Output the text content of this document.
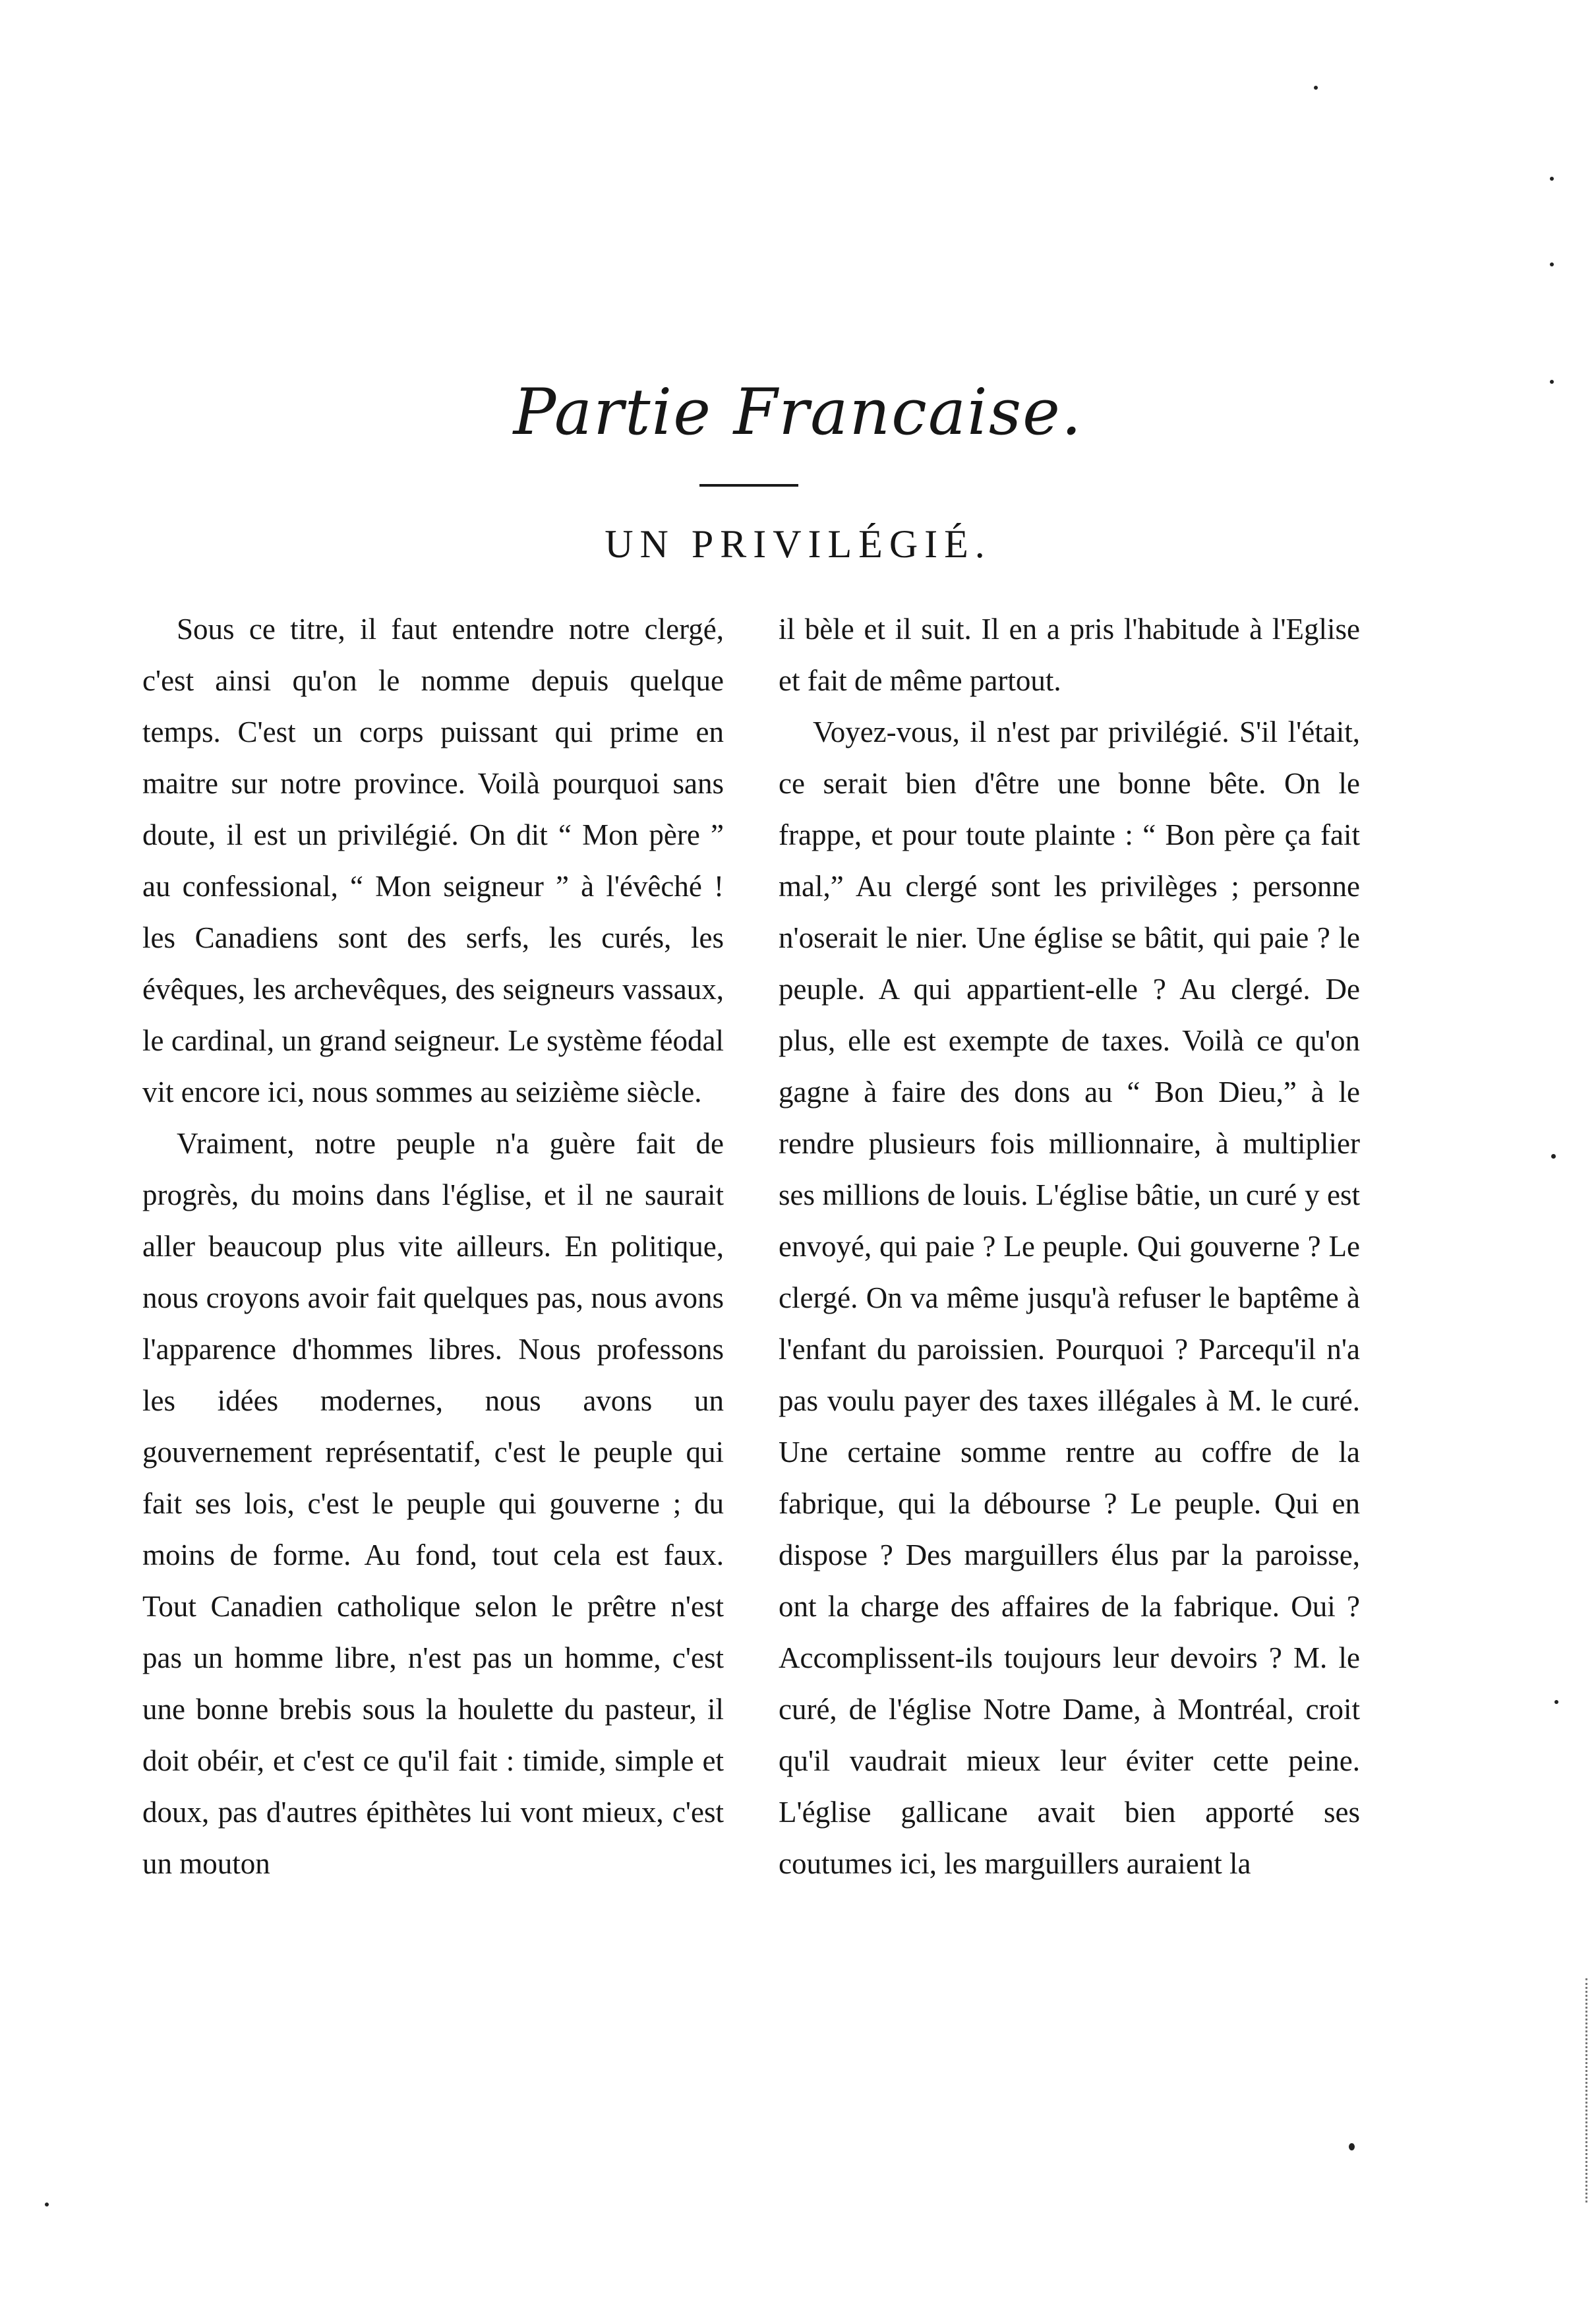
Partie Francaise.
UN PRIVILÉGIÉ.

Sous ce titre, il faut entendre notre clergé, c'est ainsi qu'on le nomme depuis quelque temps. C'est un corps puissant qui prime en maitre sur notre province. Voilà pourquoi sans doute, il est un privilégié. On dit “ Mon père ” au confessional, “ Mon seigneur ” à l'évêché ! les Canadiens sont des serfs, les curés, les évêques, les archevêques, des seigneurs vassaux, le cardinal, un grand seigneur. Le système féodal vit encore ici, nous sommes au seizième siècle.

Vraiment, notre peuple n'a guère fait de progrès, du moins dans l'église, et il ne saurait aller beaucoup plus vite ailleurs. En politique, nous croyons avoir fait quelques pas, nous avons l'apparence d'hommes libres. Nous professons les idées modernes, nous avons un gouvernement représentatif, c'est le peuple qui fait ses lois, c'est le peuple qui gouverne ; du moins de forme. Au fond, tout cela est faux. Tout Canadien catholique selon le prêtre n'est pas un homme libre, n'est pas un homme, c'est une bonne brebis sous la houlette du pasteur, il doit obéir, et c'est ce qu'il fait : timide, simple et doux, pas d'autres épithètes lui vont mieux, c'est un mouton

il bèle et il suit. Il en a pris l'habitude à l'Eglise et fait de même partout.

Voyez-vous, il n'est par privilégié. S'il l'était, ce serait bien d'être une bonne bête. On le frappe, et pour toute plainte : “ Bon père ça fait mal,” Au clergé sont les privilèges ; personne n'oserait le nier. Une église se bâtit, qui paie ? le peuple. A qui appartient-elle ? Au clergé. De plus, elle est exempte de taxes. Voilà ce qu'on gagne à faire des dons au “ Bon Dieu,” à le rendre plusieurs fois millionnaire, à multiplier ses millions de louis. L'église bâtie, un curé y est envoyé, qui paie ? Le peuple. Qui gouverne ? Le clergé. On va même jusqu'à refuser le baptême à l'enfant du paroissien. Pourquoi ? Parcequ'il n'a pas voulu payer des taxes illégales à M. le curé. Une certaine somme rentre au coffre de la fabrique, qui la débourse ? Le peuple. Qui en dispose ? Des marguillers élus par la paroisse, ont la charge des affaires de la fabrique. Oui ? Accomplissent-ils toujours leur devoirs ? M. le curé, de l'église Notre Dame, à Montréal, croit qu'il vaudrait mieux leur éviter cette peine. L'église gallicane avait bien apporté ses coutumes ici, les marguillers auraient la
